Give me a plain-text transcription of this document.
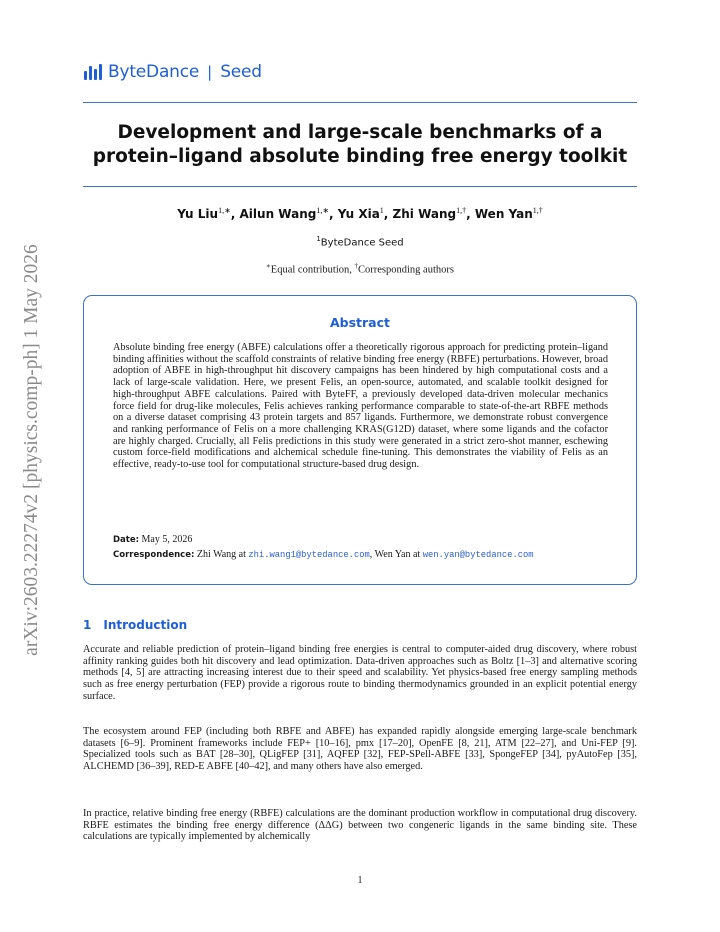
arXiv:2603.22274v2 [physics.comp-ph] 1 May 2026
ByteDance | Seed
Development and large-scale benchmarks of a
protein–ligand absolute binding free energy toolkit
Yu Liu$^{1,∗}$, Ailun Wang$^{1,∗}$, Yu Xia$^1$, Zhi Wang$^{1,\dagger}$, Wen Yan$^{1,\dagger}$
$^1$ByteDance Seed
∗Equal contribution, †Corresponding authors
Abstract
Absolute binding free energy (ABFE) calculations offer a theoretically rigorous approach for predicting protein–ligand binding affinities without the scaffold constraints of relative binding free energy (RBFE) perturbations. However, broad adoption of ABFE in high-throughput hit discovery campaigns has been hindered by high computational costs and a lack of large-scale validation. Here, we present Felis, an open-source, automated, and scalable toolkit designed for high-throughput ABFE calculations. Paired with ByteFF, a previously developed data-driven molecular mechanics force field for drug-like molecules, Felis achieves ranking performance comparable to state-of-the-art RBFE methods on a diverse dataset comprising 43 protein targets and 857 ligands. Furthermore, we demonstrate robust convergence and ranking performance of Felis on a more challenging KRAS(G12D) dataset, where some ligands and the cofactor are highly charged. Crucially, all Felis predictions in this study were generated in a strict zero-shot manner, eschewing custom force-field modifications and alchemical schedule fine-tuning. This demonstrates the viability of Felis as an effective, ready-to-use tool for computational structure-based drug design.
Date: May 5, 2026
Correspondence: Zhi Wang at zhi.wang1@bytedance.com, Wen Yan at wen.yan@bytedance.com
1 Introduction
Accurate and reliable prediction of protein–ligand binding free energies is central to computer-aided drug discovery, where robust affinity ranking guides both hit discovery and lead optimization. Data-driven approaches such as Boltz [1–3] and alternative scoring methods [4, 5] are attracting increasing interest due to their speed and scalability. Yet physics-based free energy sampling methods such as free energy perturbation (FEP) provide a rigorous route to binding thermodynamics grounded in an explicit potential energy surface.
The ecosystem around FEP (including both RBFE and ABFE) has expanded rapidly alongside emerging large-scale benchmark datasets [6–9]. Prominent frameworks include FEP+ [10–16], pmx [17–20], OpenFE [8, 21], ATM [22–27], and Uni-FEP [9]. Specialized tools such as BAT [28–30], QLigFEP [31], AQFEP [32], FEP-SPell-ABFE [33], SpongeFEP [34], pyAutoFep [35], ALCHEMD [36–39], RED-E ABFE [40–42], and many others have also emerged.
In practice, relative binding free energy (RBFE) calculations are the dominant production workflow in computational drug discovery. RBFE estimates the binding free energy difference (ΔΔG) between two congeneric ligands in the same binding site. These calculations are typically implemented by alchemically
1
